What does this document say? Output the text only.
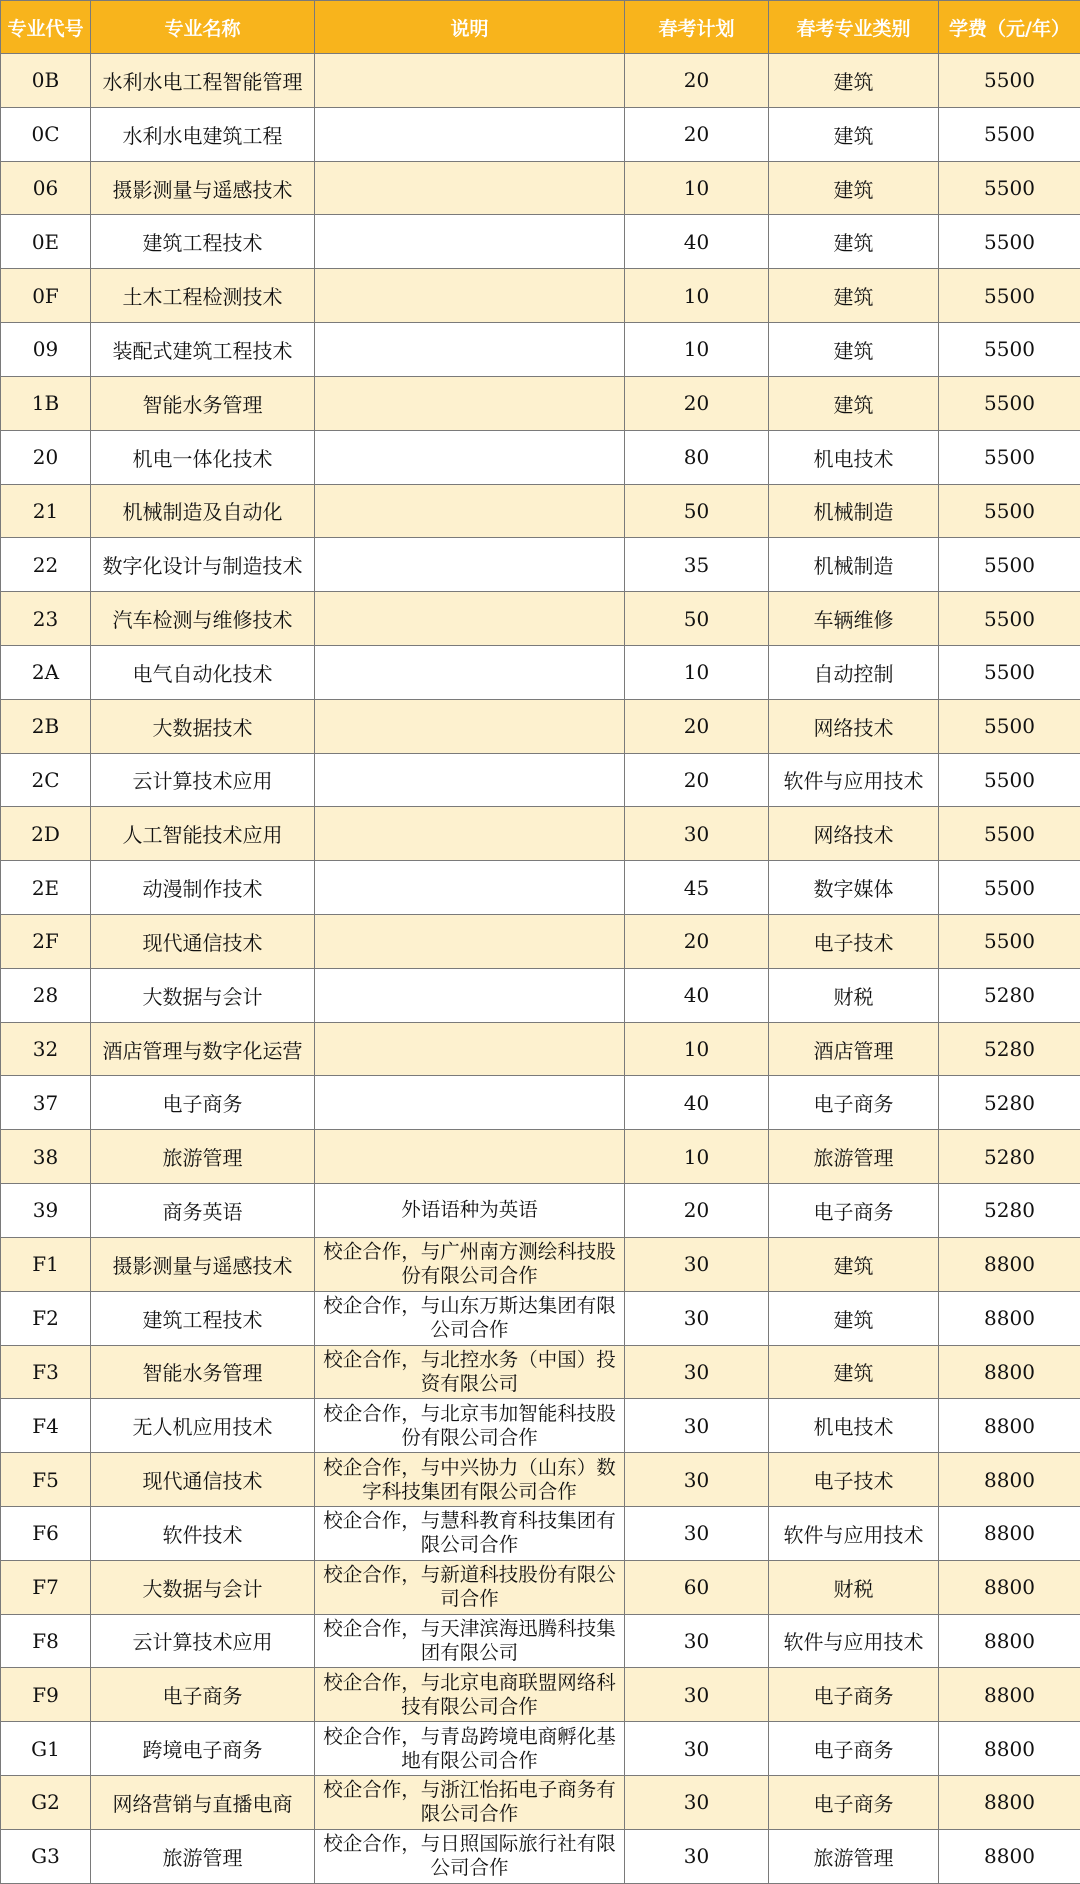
专业代号	专业名称	说明	春考计划	春考专业类别	学费（元/年）
0B	水利水电工程智能管理		20	建筑	5500
0C	水利水电建筑工程		20	建筑	5500
06	摄影测量与遥感技术		10	建筑	5500
0E	建筑工程技术		40	建筑	5500
0F	土木工程检测技术		10	建筑	5500
09	装配式建筑工程技术		10	建筑	5500
1B	智能水务管理		20	建筑	5500
20	机电一体化技术		80	机电技术	5500
21	机械制造及自动化		50	机械制造	5500
22	数字化设计与制造技术		35	机械制造	5500
23	汽车检测与维修技术		50	车辆维修	5500
2A	电气自动化技术		10	自动控制	5500
2B	大数据技术		20	网络技术	5500
2C	云计算技术应用		20	软件与应用技术	5500
2D	人工智能技术应用		30	网络技术	5500
2E	动漫制作技术		45	数字媒体	5500
2F	现代通信技术		20	电子技术	5500
28	大数据与会计		40	财税	5280
32	酒店管理与数字化运营		10	酒店管理	5280
37	电子商务		40	电子商务	5280
38	旅游管理		10	旅游管理	5280
39	商务英语	外语语种为英语	20	电子商务	5280
F1	摄影测量与遥感技术	校企合作，与广州南方测绘科技股份有限公司合作	30	建筑	8800
F2	建筑工程技术	校企合作，与山东万斯达集团有限公司合作	30	建筑	8800
F3	智能水务管理	校企合作，与北控水务（中国）投资有限公司	30	建筑	8800
F4	无人机应用技术	校企合作，与北京韦加智能科技股份有限公司合作	30	机电技术	8800
F5	现代通信技术	校企合作，与中兴协力（山东）数字科技集团有限公司合作	30	电子技术	8800
F6	软件技术	校企合作，与慧科教育科技集团有限公司合作	30	软件与应用技术	8800
F7	大数据与会计	校企合作，与新道科技股份有限公司合作	60	财税	8800
F8	云计算技术应用	校企合作，与天津滨海迅腾科技集团有限公司	30	软件与应用技术	8800
F9	电子商务	校企合作，与北京电商联盟网络科技有限公司合作	30	电子商务	8800
G1	跨境电子商务	校企合作，与青岛跨境电商孵化基地有限公司合作	30	电子商务	8800
G2	网络营销与直播电商	校企合作，与浙江怡拓电子商务有限公司合作	30	电子商务	8800
G3	旅游管理	校企合作，与日照国际旅行社有限公司合作	30	旅游管理	8800
